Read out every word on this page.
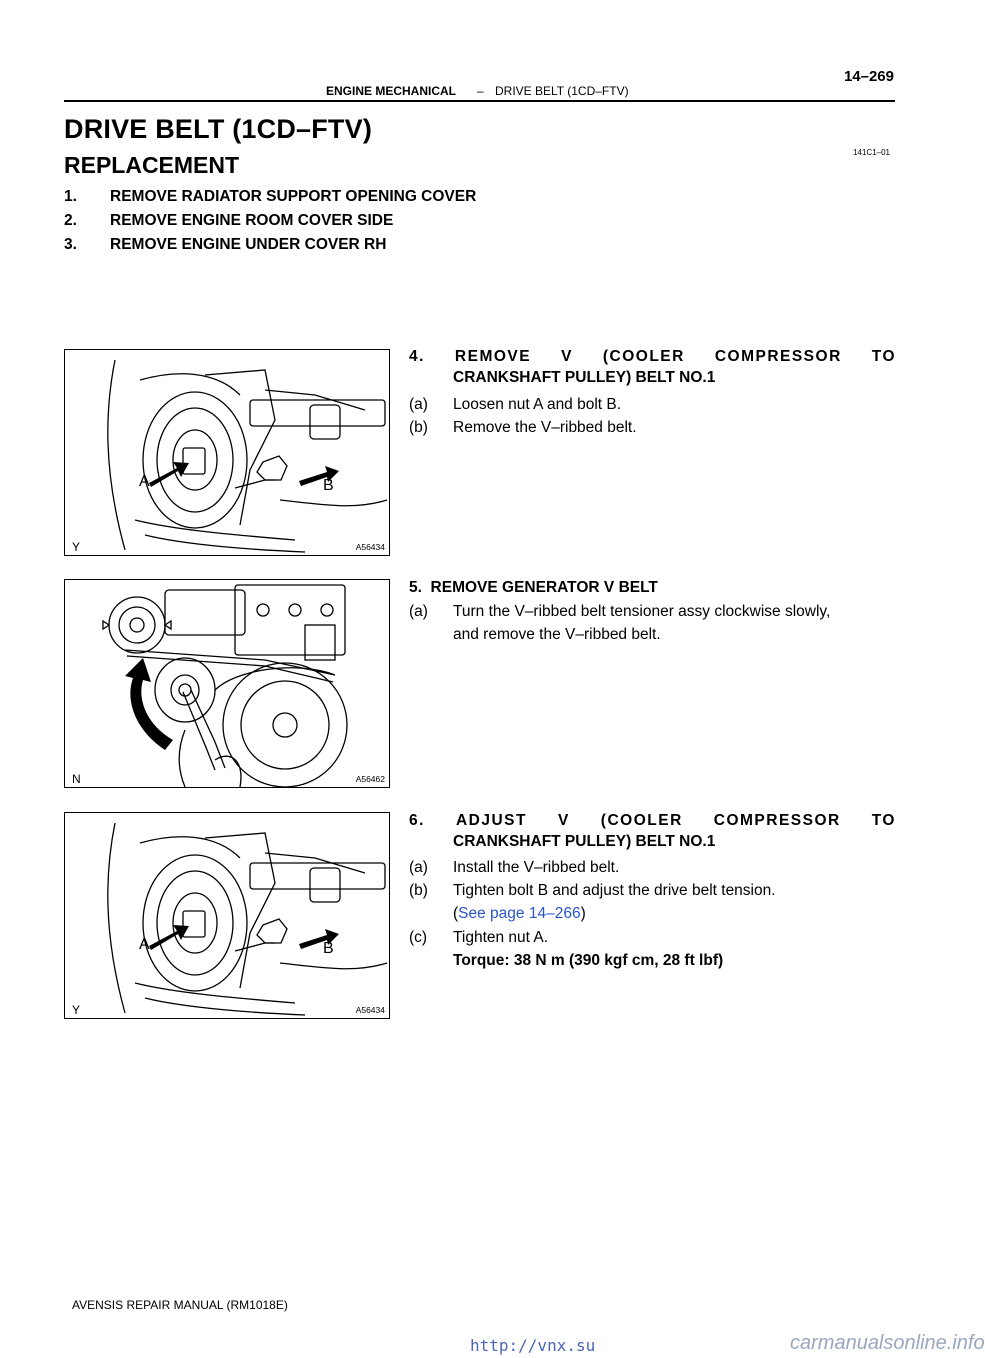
ENGINE MECHANICAL – DRIVE BELT (1CD–FTV)
14–269
DRIVE BELT (1CD–FTV)
141C1–01
REPLACEMENT
1. REMOVE RADIATOR SUPPORT OPENING COVER
2. REMOVE ENGINE ROOM COVER SIDE
3. REMOVE ENGINE UNDER COVER RH
A	B
Y	A56434
4. REMOVE V (COOLER COMPRESSOR TO
CRANKSHAFT PULLEY) BELT NO.1
(a) Loosen nut A and bolt B.
(b) Remove the V–ribbed belt.
N	A56462
5.  REMOVE GENERATOR V BELT
(a) Turn the V–ribbed belt tensioner assy clockwise slowly,
and remove the V–ribbed belt.
A	B
Y	A56434
6. ADJUST V (COOLER COMPRESSOR TO
CRANKSHAFT PULLEY) BELT NO.1
(a) Install the V–ribbed belt.
(b) Tighten bolt B and adjust the drive belt tension.
(See page 14–266)
(c) Tighten nut A.
Torque: 38 N m (390 kgf cm, 28 ft lbf)
AVENSIS REPAIR MANUAL (RM1018E)
http://vnx.su	carmanualsonline.info
